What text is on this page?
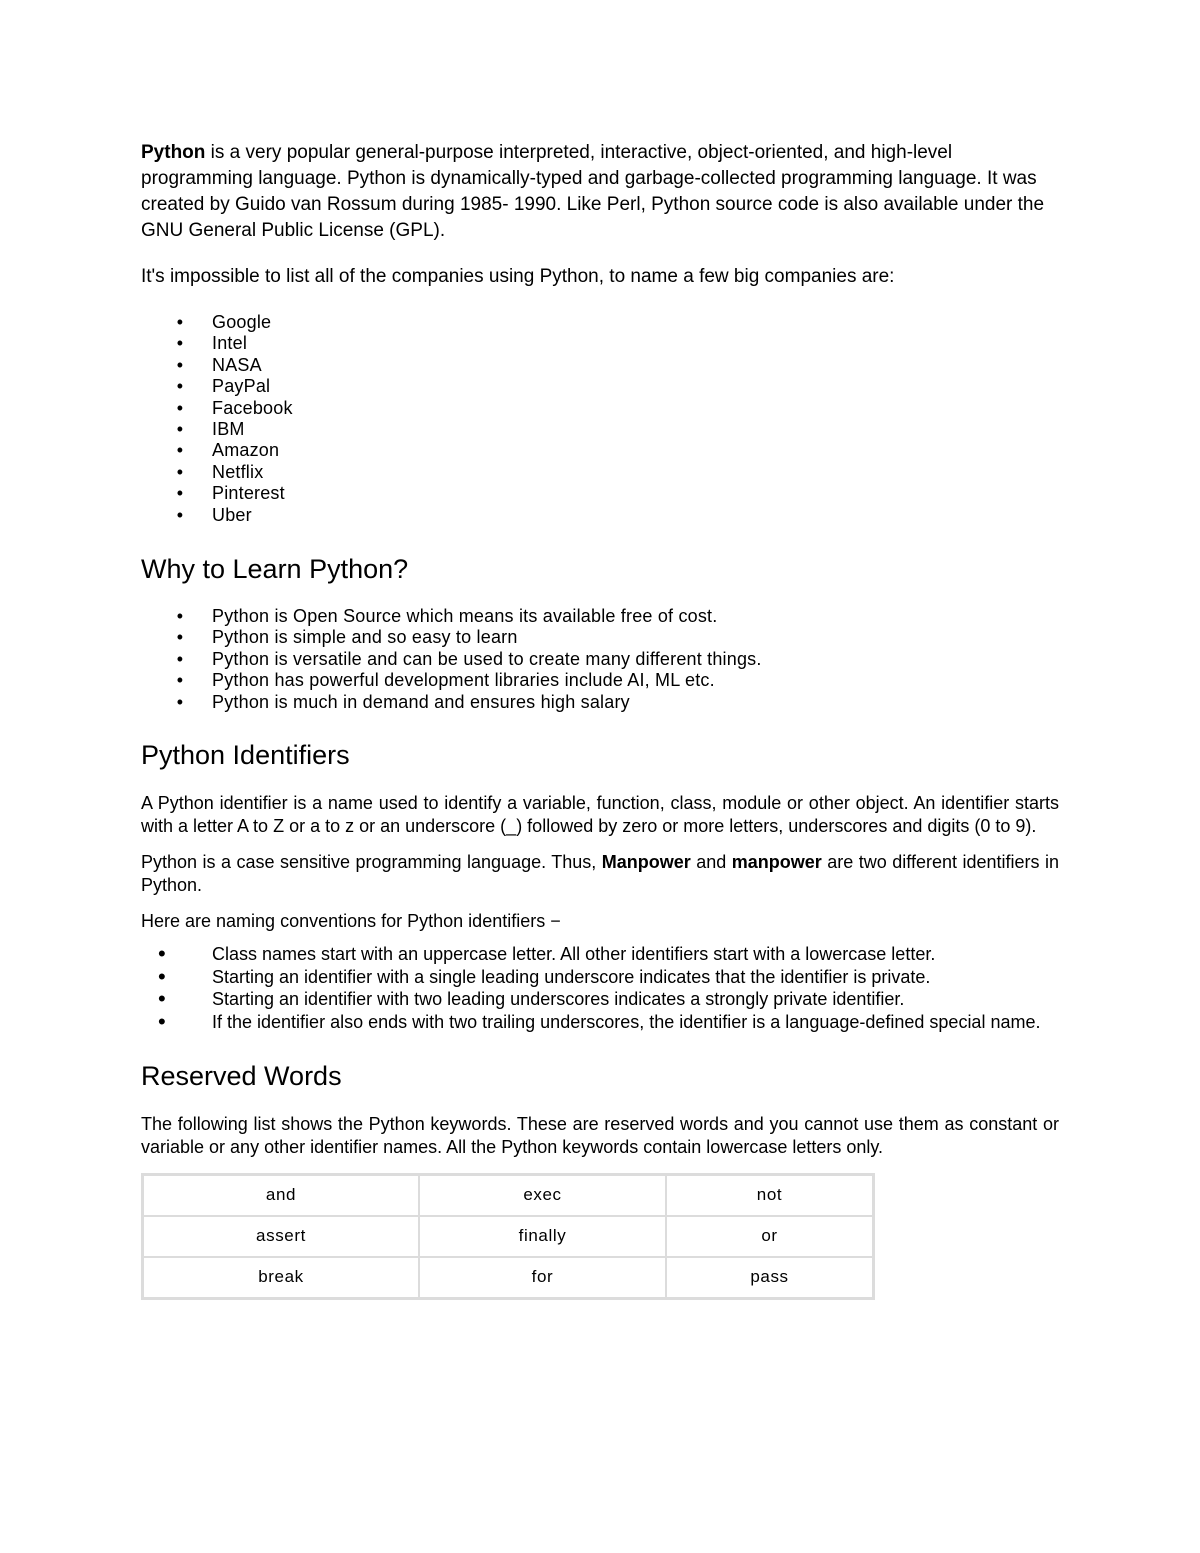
Python is a very popular general-purpose interpreted, interactive, object-oriented, and high-level programming language. Python is dynamically-typed and garbage-collected programming language. It was created by Guido van Rossum during 1985- 1990. Like Perl, Python source code is also available under the GNU General Public License (GPL).

It's impossible to list all of the companies using Python, to name a few big companies are:

• Google
• Intel
• NASA
• PayPal
• Facebook
• IBM
• Amazon
• Netflix
• Pinterest
• Uber
Why to Learn Python?
• Python is Open Source which means its available free of cost.
• Python is simple and so easy to learn
• Python is versatile and can be used to create many different things.
• Python has powerful development libraries include AI, ML etc.
• Python is much in demand and ensures high salary
Python Identifiers

A Python identifier is a name used to identify a variable, function, class, module or other object. An identifier starts with a letter A to Z or a to z or an underscore (_) followed by zero or more letters, underscores and digits (0 to 9).

Python is a case sensitive programming language. Thus, Manpower and manpower are two different identifiers in Python.

Here are naming conventions for Python identifiers −

•	Class names start with an uppercase letter. All other identifiers start with a lowercase letter.
•	Starting an identifier with a single leading underscore indicates that the identifier is private.
•	Starting an identifier with two leading underscores indicates a strongly private identifier.
•	If the identifier also ends with two trailing underscores, the identifier is a language-defined special name.
Reserved Words

The following list shows the Python keywords. These are reserved words and you cannot use them as constant or variable or any other identifier names. All the Python keywords contain lowercase letters only.

and	exec	not
assert	finally	or
break	for	pass
